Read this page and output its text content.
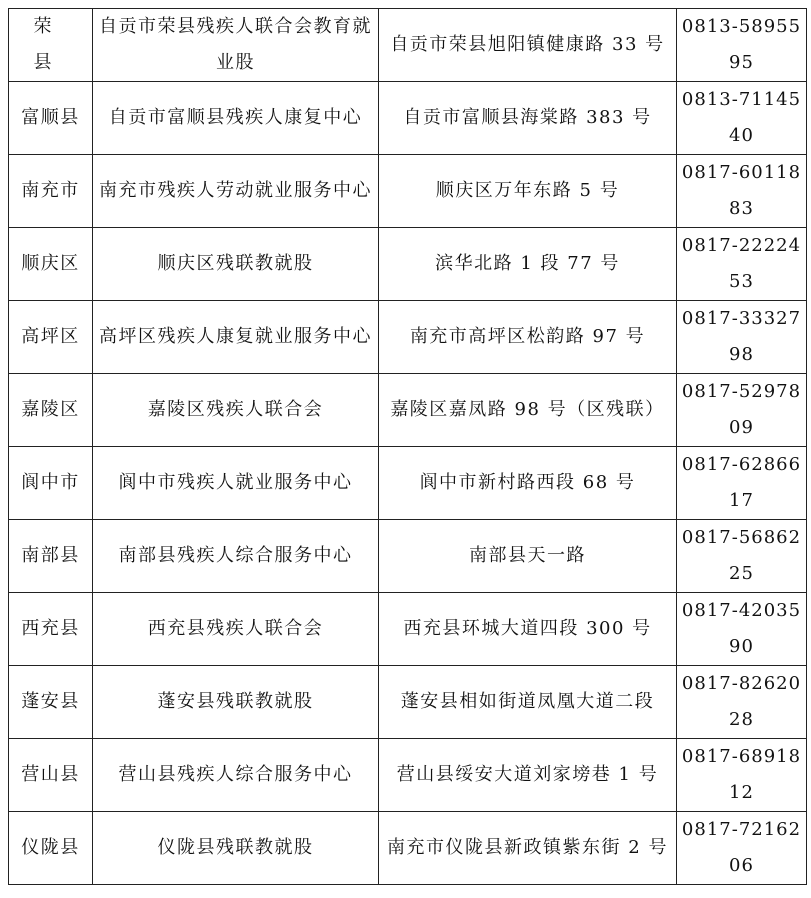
荣 县	自贡市荣县残疾人联合会教育就业股	自贡市荣县旭阳镇健康路 33 号	0813-5895595
富顺县	自贡市富顺县残疾人康复中心	自贡市富顺县海棠路 383 号	0813-7114540
南充市	南充市残疾人劳动就业服务中心	顺庆区万年东路 5 号	0817-6011883
顺庆区	顺庆区残联教就股	滨华北路 1 段 77 号	0817-2222453
高坪区	高坪区残疾人康复就业服务中心	南充市高坪区松韵路 97 号	0817-3332798
嘉陵区	嘉陵区残疾人联合会	嘉陵区嘉凤路 98 号（区残联）	0817-5297809
阆中市	阆中市残疾人就业服务中心	阆中市新村路西段 68 号	0817-6286617
南部县	南部县残疾人综合服务中心	南部县天一路	0817-5686225
西充县	西充县残疾人联合会	西充县环城大道四段 300 号	0817-4203590
蓬安县	蓬安县残联教就股	蓬安县相如街道凤凰大道二段	0817-8262028
营山县	营山县残疾人综合服务中心	营山县绥安大道刘家塝巷 1 号	0817-6891812
仪陇县	仪陇县残联教就股	南充市仪陇县新政镇紫东街 2 号	0817-7216206
